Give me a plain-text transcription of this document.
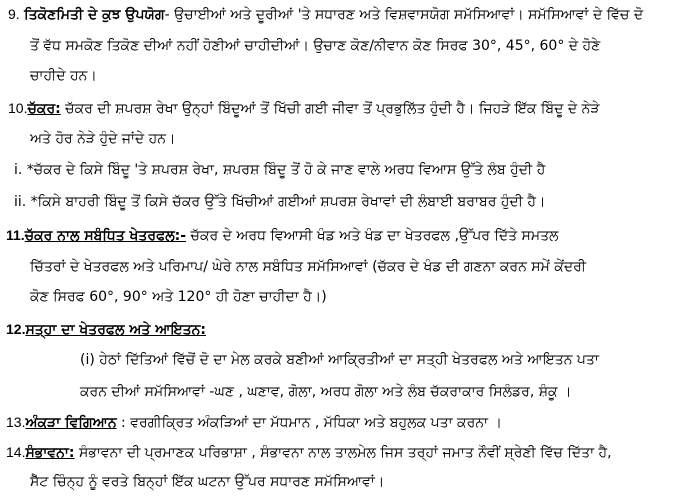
9. ਤਿਕੋਣਮਿਤੀ ਦੇ ਕੁਝ ਉਪਯੋਗ- ਉਚਾਈਆਂ ਅਤੇ ਦੂਰੀਆਂ 'ਤੇ ਸਧਾਰਣ ਅਤੇ ਵਿਸ਼ਵਾਸਯੋਗ ਸਮੱਸਿਆਵਾਂ। ਸਮੱਸਿਆਵਾਂ ਦੇ ਵਿੱਚ ਦੋ
ਤੋਂ ਵੱਧ ਸਮਕੋਣ ਤਿਕੋਣ ਦੀਆਂ ਨਹੀਂ ਹੋਣੀਆਂ ਚਾਹੀਦੀਆਂ। ਉਚਾਣ ਕੋਣ/ਨੀਵਾਨ ਕੋਣ ਸਿਰਫ 30°, 45°, 60° ਦੇ ਹੋਣੇ
ਚਾਹੀਦੇ ਹਨ।
10.ਚੱਕਰ: ਚੱਕਰ ਦੀ ਸ਼ਪਰਸ਼ ਰੇਖਾ ਉਨ੍ਹਾਂ ਬਿੰਦੂਆਂ ਤੋਂ ਖਿੱਚੀ ਗਈ ਜੀਵਾ ਤੋਂ ਪ੍ਰਭੁਲਿੱਤ ਹੁੰਦੀ ਹੈ। ਜਿਹੜੇ ਇੱਕ ਬਿੰਦੂ ਦੇ ਨੇੜੇ
ਅਤੇ ਹੋਰ ਨੇੜੇ ਹੁੰਦੇ ਜਾਂਦੇ ਹਨ।
i. *ਚੱਕਰ ਦੇ ਕਿਸੇ ਬਿੰਦੂ 'ਤੇ ਸ਼ਪਰਸ਼ ਰੇਖਾ, ਸ਼ਪਰਸ਼ ਬਿੰਦੂ ਤੋਂ ਹੋ ਕੇ ਜਾਣ ਵਾਲੇ ਅਰਧ ਵਿਆਸ ਉੱਤੇ ਲੰਬ ਹੁੰਦੀ ਹੈ
ii. *ਕਿਸੇ ਬਾਹਰੀ ਬਿੰਦੂ ਤੋਂ ਕਿਸੇ ਚੱਕਰ ਉੱਤੇ ਖਿੱਚੀਆਂ ਗਈਆਂ ਸ਼ਪਰਸ਼ ਰੇਖਾਵਾਂ ਦੀ ਲੰਬਾਈ ਬਰਾਬਰ ਹੁੰਦੀ ਹੈ।
11.ਚੱਕਰ ਨਾਲ ਸਬੰਧਿਤ ਖੇਤਰਫਲ:- ਚੱਕਰ ਦੇ ਅਰਧ ਵਿਆਸੀ ਖੰਡ ਅਤੇ ਖੰਡ ਦਾ ਖੇਤਰਫਲ ,ਉੱਪਰ ਦਿੱਤੇ ਸਮਤਲ
ਚਿੱਤਰਾਂ ਦੇ ਖੇਤਰਫਲ ਅਤੇ ਪਰਿਮਾਪ/ ਘੇਰੇ ਨਾਲ ਸਬੰਧਿਤ ਸਮੱਸਿਆਵਾਂ (ਚੱਕਰ ਦੇ ਖੰਡ ਦੀ ਗਣਨਾ ਕਰਨ ਸਮੇਂ ਕੇਂਦਰੀ
ਕੋਣ ਸਿਰਫ 60°, 90° ਅਤੇ 120° ਹੀ ਹੋਣਾ ਚਾਹੀਦਾ ਹੈ।)
12.ਸਤ੍ਹਾ ਦਾ ਖੇਤਰਫਲ ਅਤੇ ਆਇਤਨ:
(i) ਹੇਠਾਂ ਦਿੱਤਿਆਂ ਵਿੱਚੋਂ ਦੋ ਦਾ ਮੇਲ ਕਰਕੇ ਬਣੀਆਂ ਆਕ੍ਰਿਤੀਆਂ ਦਾ ਸਤ੍ਹੀ ਖੇਤਰਫਲ ਅਤੇ ਆਇਤਨ ਪਤਾ
ਕਰਨ ਦੀਆਂ ਸਮੱਸਿਆਵਾਂ -ਘਣ , ਘਣਾਵ, ਗੋਲਾ, ਅਰਧ ਗੋਲਾ ਅਤੇ ਲੰਬ ਚੱਕਰਾਕਾਰ ਸਿਲੰਡਰ, ਸ਼ੰਕੂ ।
13.ਅੰਕੜਾ ਵਿਗਿਆਨ : ਵਰਗੀਕ੍ਰਿਤ ਅੰਕੜਿਆਂ ਦਾ ਮੱਧਮਾਨ , ਮੱਧਿਕਾ ਅਤੇ ਬਹੁਲਕ ਪਤਾ ਕਰਨਾ ।
14.ਸੰਭਾਵਨਾ: ਸੰਭਾਵਨਾ ਦੀ ਪ੍ਰਮਾਣਕ ਪਰਿਭਾਸ਼ਾ , ਸੰਭਾਵਨਾ ਨਾਲ ਤਾਲਮੇਲ ਜਿਸ ਤਰ੍ਹਾਂ ਜਮਾਤ ਨੌਵੀਂ ਸ਼੍ਰੇਣੀ ਵਿੱਚ ਦਿੱਤਾ ਹੈ,
ਸੈੱਟ ਚਿੰਨ੍ਹ ਨੂੰ ਵਰਤੇ ਬਿਨ੍ਹਾਂ ਇੱਕ ਘਟਨਾ ਉੱਪਰ ਸਧਾਰਣ ਸਮੱਸਿਆਵਾਂ।
